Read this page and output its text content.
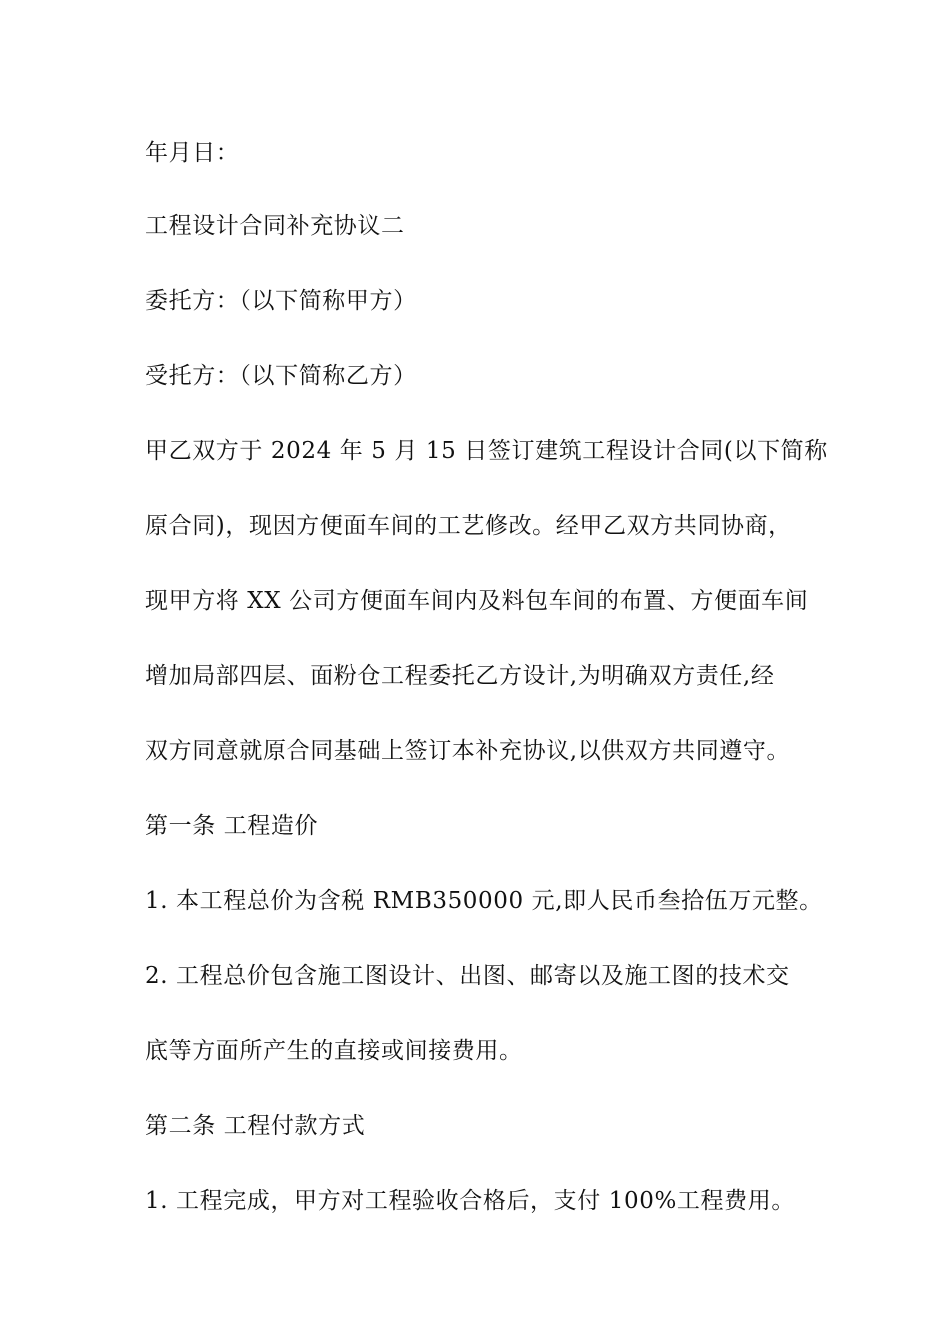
年月日：

工程设计合同补充协议二

委托方：（以下简称甲方）

受托方：（以下简称乙方）

甲乙双方于 2024 年 5 月 15 日签订建筑工程设计合同(以下简称

原合同)，现因方便面车间的工艺修改。经甲乙双方共同协商，

现甲方将 XX 公司方便面车间内及料包车间的布置、方便面车间

增加局部四层、面粉仓工程委托乙方设计,为明确双方责任,经

双方同意就原合同基础上签订本补充协议,以供双方共同遵守。

第一条 工程造价

1. 本工程总价为含税 RMB350000 元,即人民币叁拾伍万元整。

2. 工程总价包含施工图设计、出图、邮寄以及施工图的技术交

底等方面所产生的直接或间接费用。

第二条 工程付款方式

1. 工程完成，甲方对工程验收合格后，支付 100%工程费用。
